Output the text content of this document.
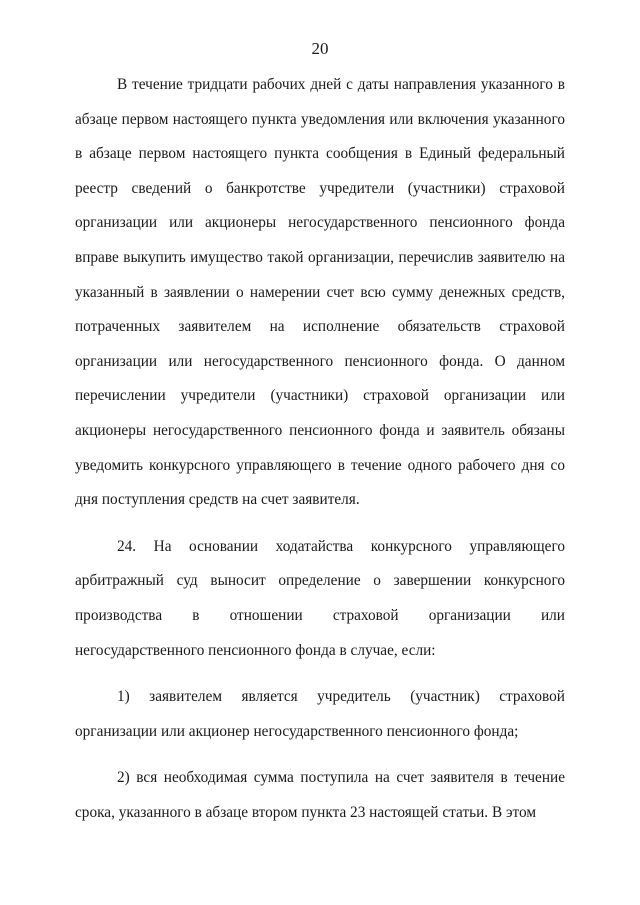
20

В течение тридцати рабочих дней с даты направления указанного в абзаце первом настоящего пункта уведомления или включения указанного в абзаце первом настоящего пункта сообщения в Единый федеральный реестр сведений о банкротстве учредители (участники) страховой организации или акционеры негосударственного пенсионного фонда вправе выкупить имущество такой организации, перечислив заявителю на указанный в заявлении о намерении счет всю сумму денежных средств, потраченных заявителем на исполнение обязательств страховой организации или негосударственного пенсионного фонда. О данном перечислении учредители (участники) страховой организации или акционеры негосударственного пенсионного фонда и заявитель обязаны уведомить конкурсного управляющего в течение одного рабочего дня со дня поступления средств на счет заявителя.

24. На основании ходатайства конкурсного управляющего арбитражный суд выносит определение о завершении конкурсного производства в отношении страховой организации или негосударственного пенсионного фонда в случае, если:

1) заявителем является учредитель (участник) страховой организации или акционер негосударственного пенсионного фонда;

2) вся необходимая сумма поступила на счет заявителя в течение срока, указанного в абзаце втором пункта 23 настоящей статьи. В этом
